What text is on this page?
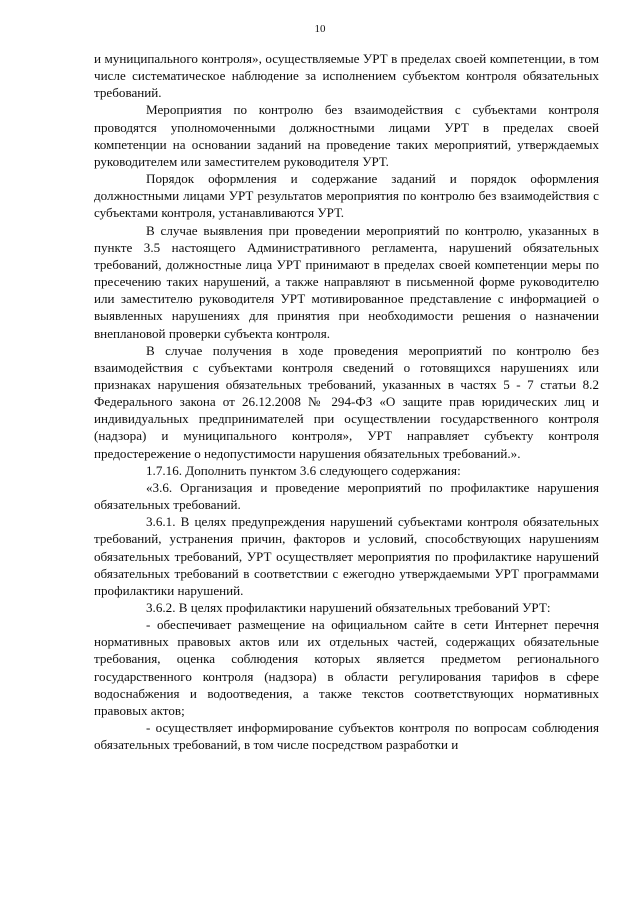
10

и муниципального контроля», осуществляемые УРТ в пределах своей компетенции, в том числе систематическое наблюдение за исполнением субъектом контроля обязательных требований.

Мероприятия по контролю без взаимодействия с субъектами контроля проводятся уполномоченными должностными лицами УРТ в пределах своей компетенции на основании заданий на проведение таких мероприятий, утверждаемых руководителем или заместителем руководителя УРТ.

Порядок оформления и содержание заданий и порядок оформления должностными лицами УРТ результатов мероприятия по контролю без взаимодействия с субъектами контроля, устанавливаются УРТ.

В случае выявления при проведении мероприятий по контролю, указанных в пункте 3.5 настоящего Административного регламента, нарушений обязательных требований, должностные лица УРТ принимают в пределах своей компетенции меры по пресечению таких нарушений, а также направляют в письменной форме руководителю или заместителю руководителя УРТ мотивированное представление с информацией о выявленных нарушениях для принятия при необходимости решения о назначении внеплановой проверки субъекта контроля.

В случае получения в ходе проведения мероприятий по контролю без взаимодействия с субъектами контроля сведений о готовящихся нарушениях или признаках нарушения обязательных требований, указанных в частях 5 - 7 статьи 8.2 Федерального закона от 26.12.2008 № 294-ФЗ «О защите прав юридических лиц и индивидуальных предпринимателей при осуществлении государственного контроля (надзора) и муниципального контроля», УРТ направляет субъекту контроля предостережение о недопустимости нарушения обязательных требований.».

1.7.16. Дополнить пунктом 3.6 следующего содержания:

«3.6. Организация и проведение мероприятий по профилактике нарушения обязательных требований.

3.6.1. В целях предупреждения нарушений субъектами контроля обязательных требований, устранения причин, факторов и условий, способствующих нарушениям обязательных требований, УРТ осуществляет мероприятия по профилактике нарушений обязательных требований в соответствии с ежегодно утверждаемыми УРТ программами профилактики нарушений.

3.6.2. В целях профилактики нарушений обязательных требований УРТ:

- обеспечивает размещение на официальном сайте в сети Интернет перечня нормативных правовых актов или их отдельных частей, содержащих обязательные требования, оценка соблюдения которых является предметом регионального государственного контроля (надзора) в области регулирования тарифов в сфере водоснабжения и водоотведения, а также текстов соответствующих нормативных правовых актов;

- осуществляет информирование субъектов контроля по вопросам соблюдения обязательных требований, в том числе посредством разработки и
